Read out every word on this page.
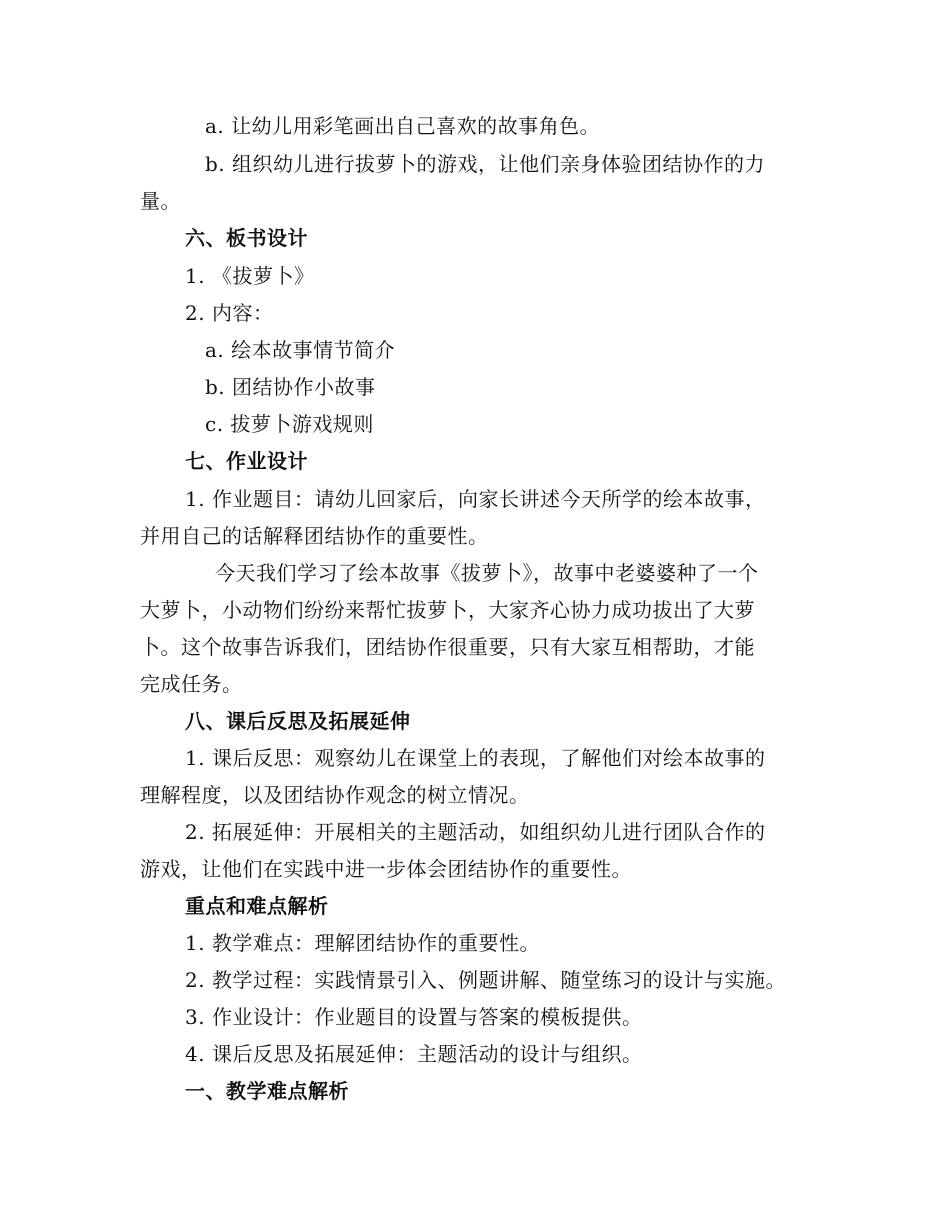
a. 让幼儿用彩笔画出自己喜欢的故事角色。
b. 组织幼儿进行拔萝卜的游戏，让他们亲身体验团结协作的力
量。
六、板书设计
1. 《拔萝卜》
2. 内容：
a. 绘本故事情节简介
b. 团结协作小故事
c. 拔萝卜游戏规则
七、作业设计
1. 作业题目：请幼儿回家后，向家长讲述今天所学的绘本故事，
并用自己的话解释团结协作的重要性。
今天我们学习了绘本故事《拔萝卜》，故事中老婆婆种了一个
大萝卜，小动物们纷纷来帮忙拔萝卜，大家齐心协力成功拔出了大萝
卜。这个故事告诉我们，团结协作很重要，只有大家互相帮助，才能
完成任务。
八、课后反思及拓展延伸
1. 课后反思：观察幼儿在课堂上的表现，了解他们对绘本故事的
理解程度，以及团结协作观念的树立情况。
2. 拓展延伸：开展相关的主题活动，如组织幼儿进行团队合作的
游戏，让他们在实践中进一步体会团结协作的重要性。
重点和难点解析
1. 教学难点：理解团结协作的重要性。
2. 教学过程：实践情景引入、例题讲解、随堂练习的设计与实施。
3. 作业设计：作业题目的设置与答案的模板提供。
4. 课后反思及拓展延伸：主题活动的设计与组织。
一、教学难点解析
